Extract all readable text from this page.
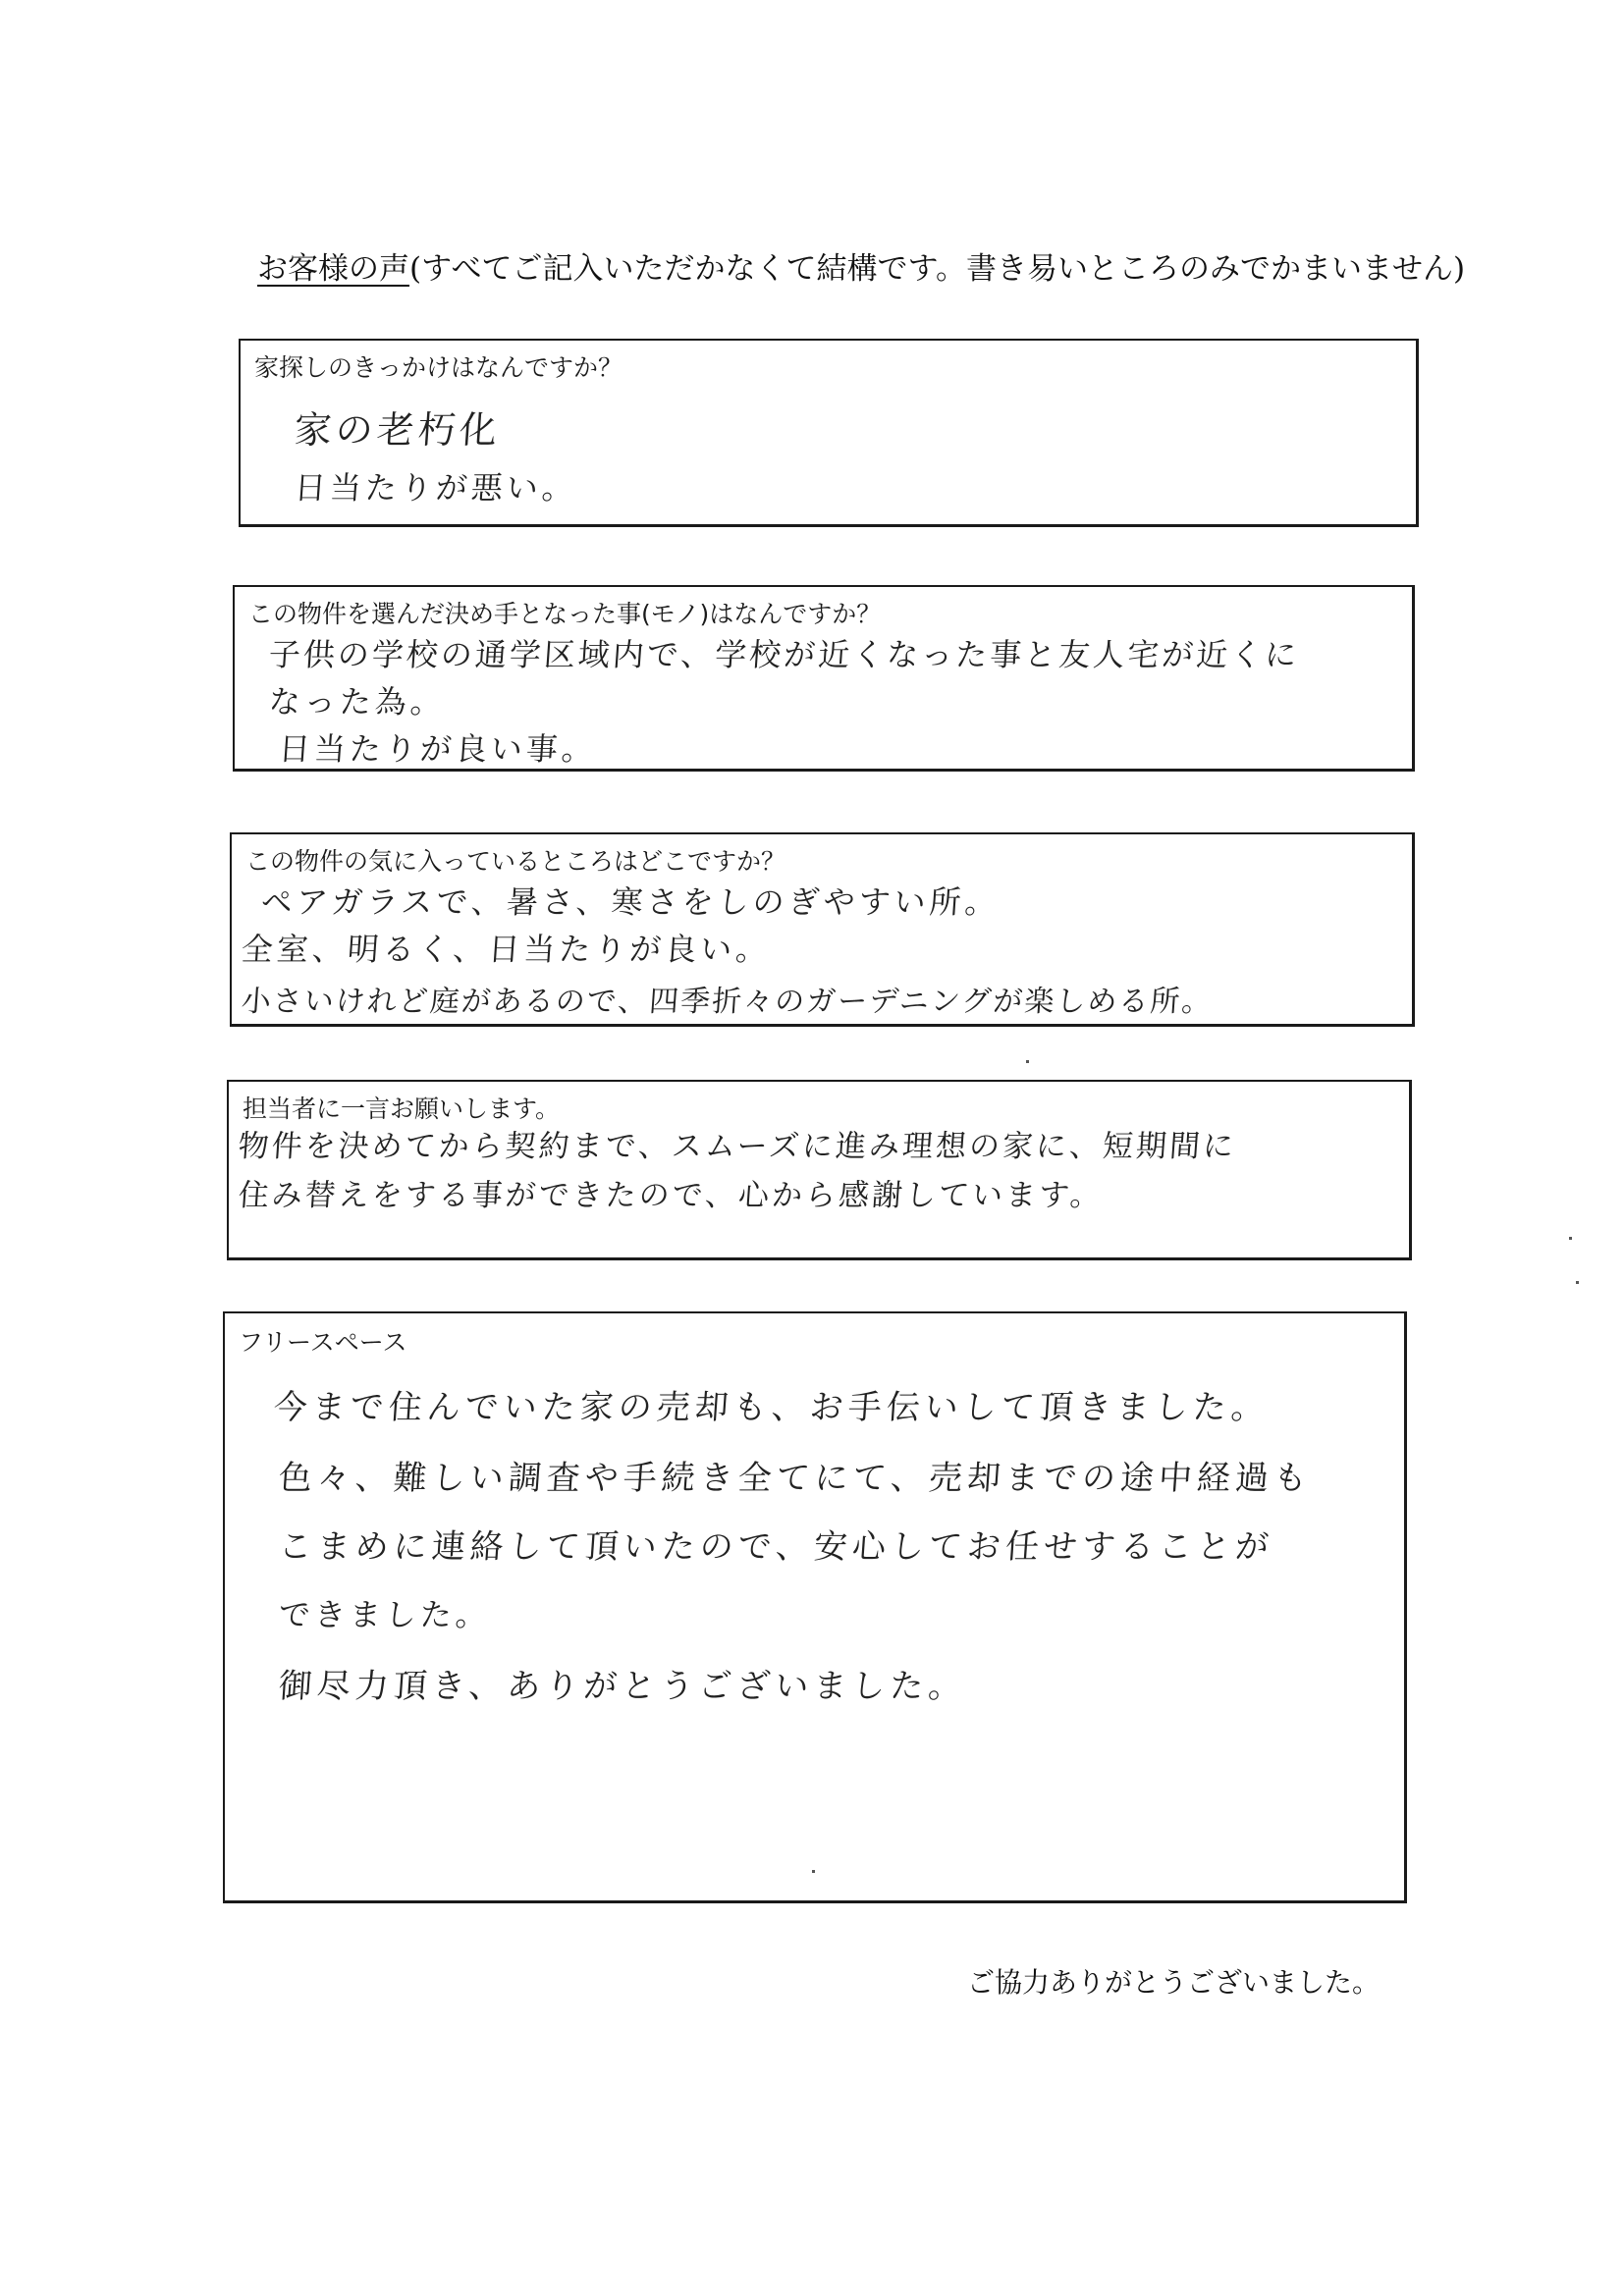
お客様の声(すべてご記入いただかなくて結構です。書き易いところのみでかまいません)
家探しのきっかけはなんですか？
家の老朽化
日当たりが悪い。
この物件を選んだ決め手となった事(モノ)はなんですか？
子供の学校の通学区域内で、学校が近くなった事と友人宅が近くに
なった為。
日当たりが良い事。
この物件の気に入っているところはどこですか？
ペアガラスで、暑さ、寒さをしのぎやすい所。
全室、明るく、日当たりが良い。
小さいけれど庭があるので、四季折々のガーデニングが楽しめる所。
担当者に一言お願いします。
物件を決めてから契約まで、スムーズに進み理想の家に、短期間に
住み替えをする事ができたので、心から感謝しています。
フリースペース
今まで住んでいた家の売却も、お手伝いして頂きました。
色々、難しい調査や手続き全てにて、売却までの途中経過も
こまめに連絡して頂いたので、安心してお任せすることが
できました。
御尽力頂き、ありがとうございました。
ご協力ありがとうございました。
